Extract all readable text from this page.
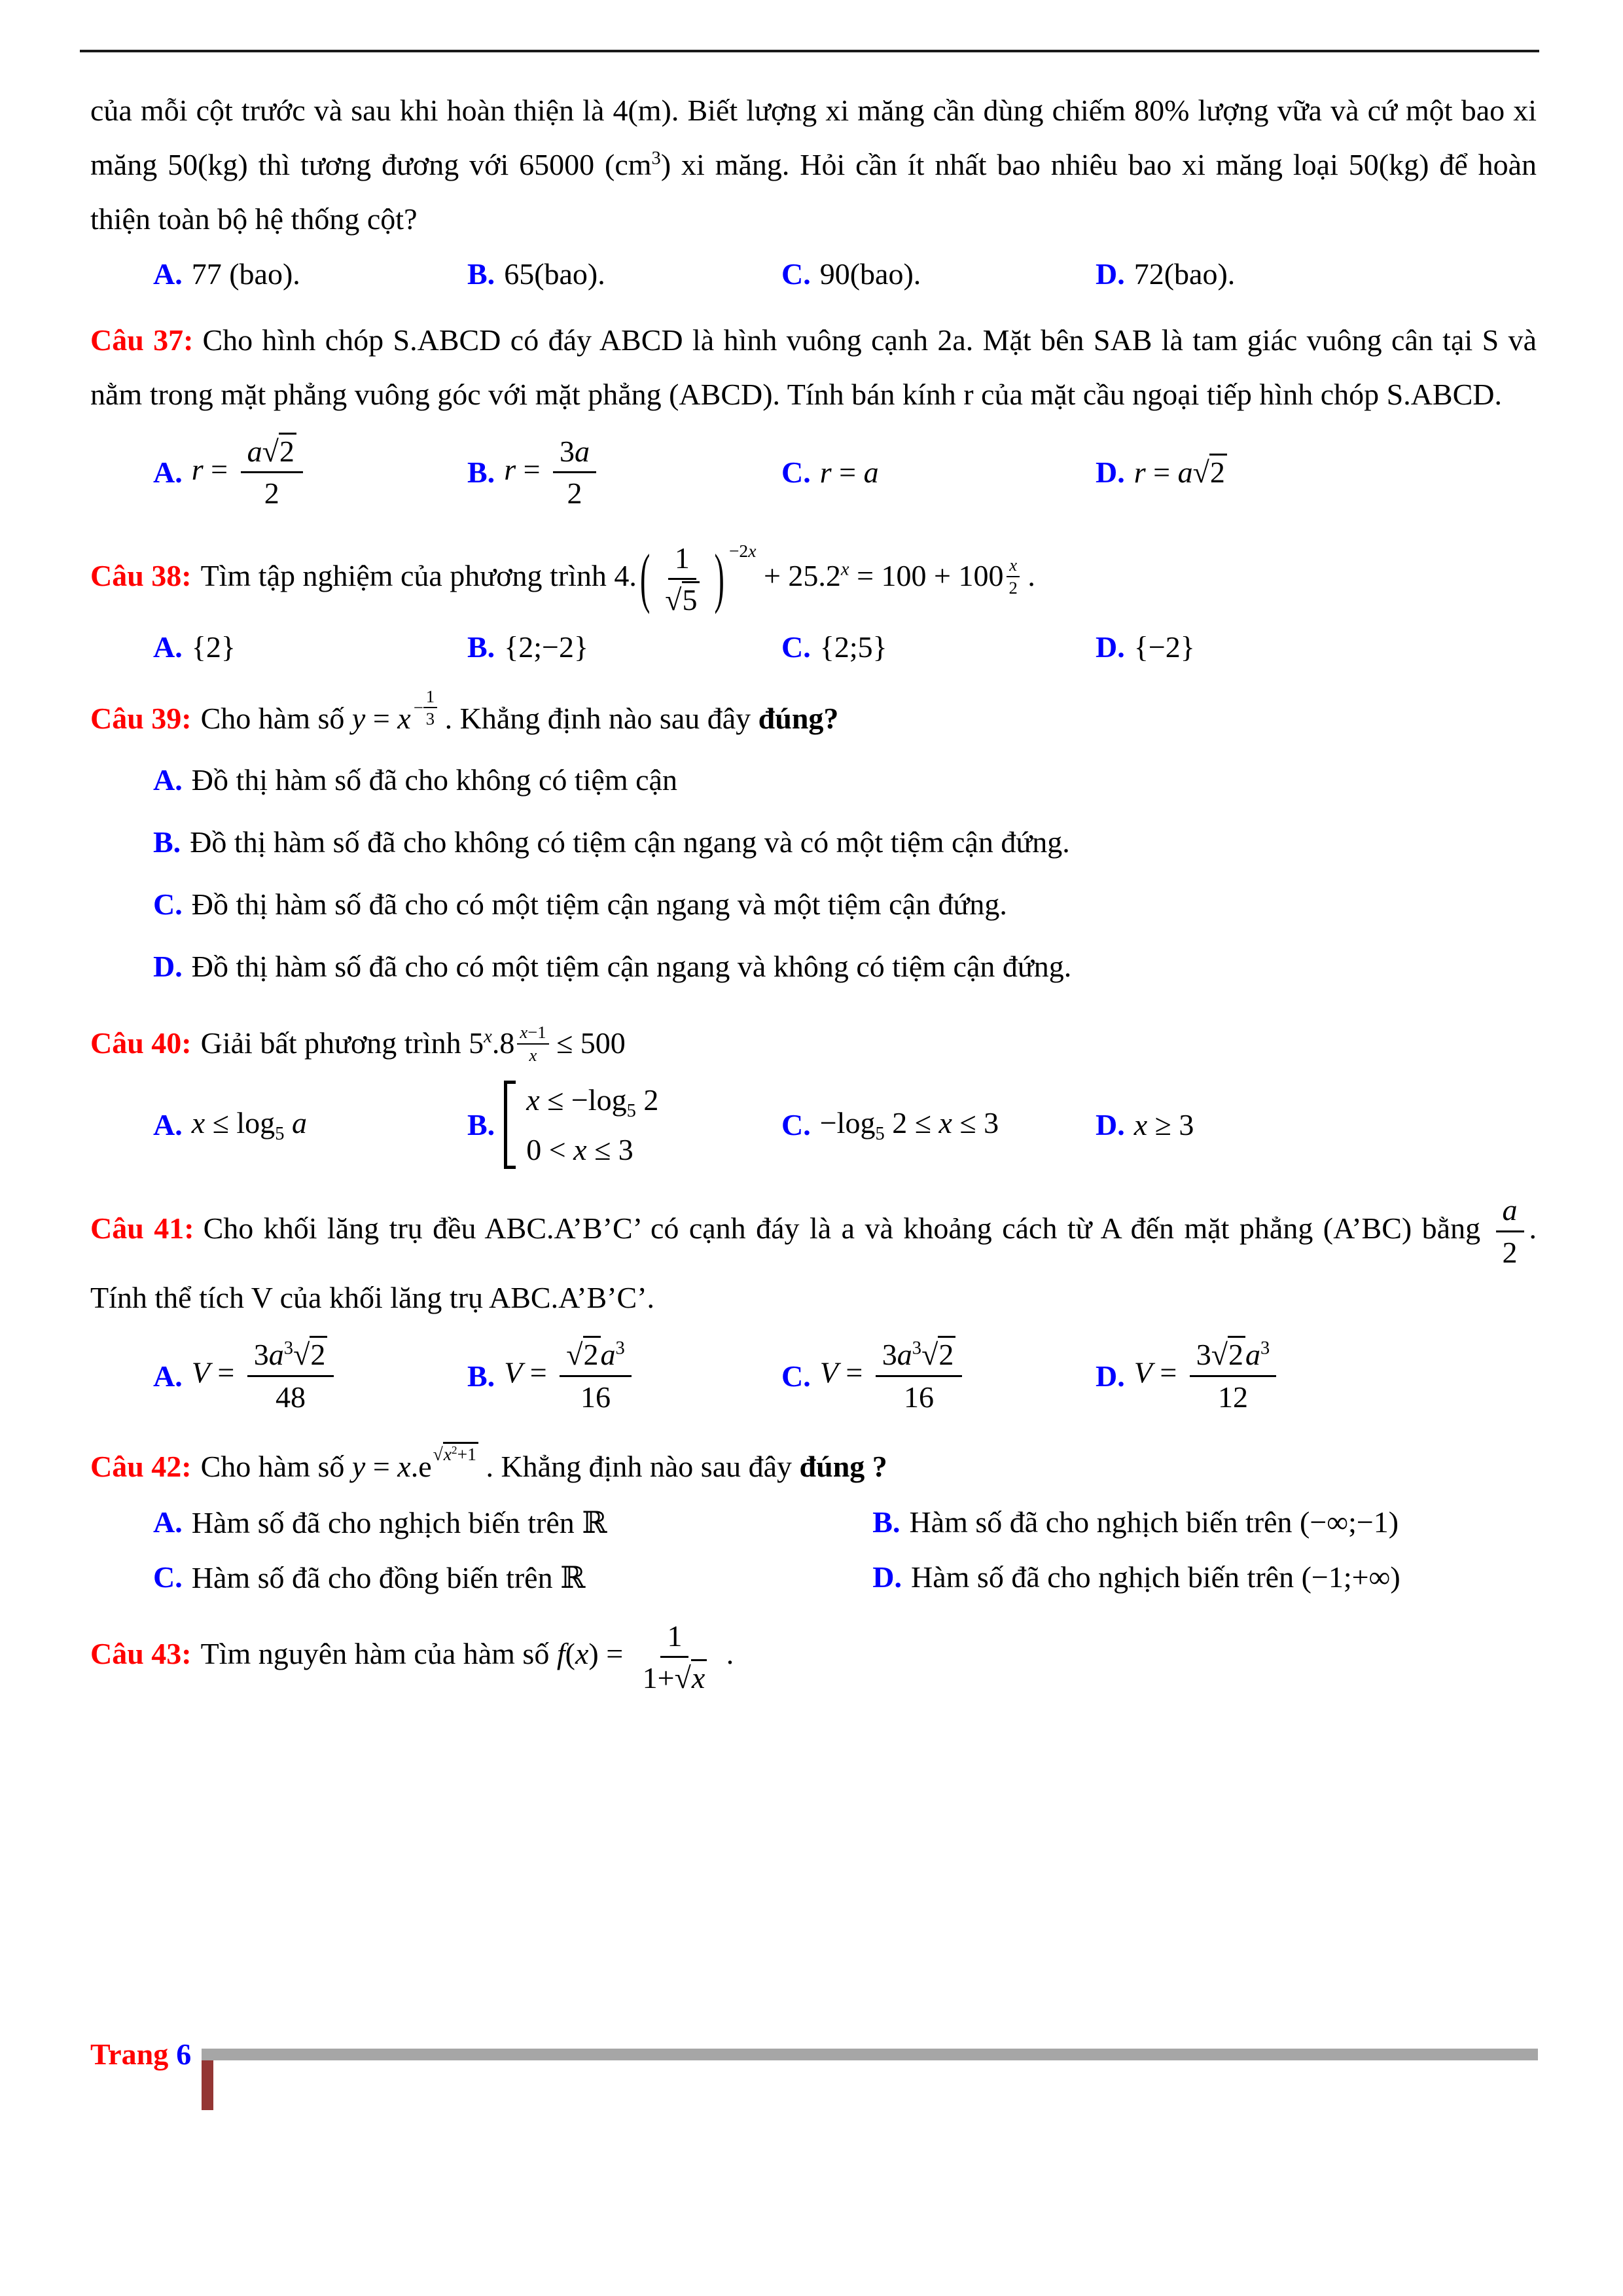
của mỗi cột trước và sau khi hoàn thiện là 4(m). Biết lượng xi măng cần dùng chiếm 80% lượng vữa và cứ một bao xi măng 50(kg) thì tương đương với 65000 $(cm^3)$ xi măng. Hỏi cần ít nhất bao nhiêu bao xi măng loại 50(kg) để hoàn thiện toàn bộ hệ thống cột?

A. 77 (bao).	B. 65(bao).	C. 90(bao).	D. 72(bao).

Câu 37: Cho hình chóp S.ABCD có đáy ABCD là hình vuông cạnh 2a. Mặt bên SAB là tam giác vuông cân tại S và nằm trong mặt phẳng vuông góc với mặt phẳng (ABCD). Tính bán kính r của mặt cầu ngoại tiếp hình chóp S.ABCD.

A. $r = \frac{a √ 2}{2}$	B. $r = \frac{3a}{2}$	C. r = a	D. r = a √ 2

Câu 38: Tìm tập nghiệm của phương trình 4. ( 1
√ 5 ) $^{-2x} + 25.2^x = 100 + 100$ x
2 .

A. {2}	B. {2;−2}	C. {2;5}	D. {−2}

Câu 39: Cho hàm số y = x −
1
3 . Khẳng định nào sau đây đúng?

A. Đồ thị hàm số đã cho không có tiệm cận
B. Đồ thị hàm số đã cho không có tiệm cận ngang và có một tiệm cận đứng.
C. Đồ thị hàm số đã cho có một tiệm cận ngang và một tiệm cận đứng.
D. Đồ thị hàm số đã cho có một tiệm cận ngang và không có tiệm cận đứng.

Câu 40: Giải bất phương trình 5$^x$.8 x−1
x ≤ 500

A. $x \le \log_5 a$	B.
$x \le -\log_5$ 2
0 < x ≤ 3
C. $-\log_5$ 2 ≤ x ≤ 3	D. x ≥ 3

Câu 41: Cho khối lăng trụ đều ABC.A’B’C’ có cạnh đáy là a và khoảng cách từ A đến mặt phẳng (A’BC) bằng $\frac{a}{2}$ . Tính thể tích V của khối lăng trụ ABC.A’B’C’.

A. $V = \frac{3a^3 √ 2}{48}$	B. V = √ $\frac{2a^3}{16}$	C. $V = \frac{3a^3 √ 2}{16}$	D. $V = \frac{3 √ 2a^3}{12}$

Câu 42: Cho hàm số y = x.e √ $^{x^2+1}$ . Khẳng định nào sau đây đúng ?

A. Hàm số đã cho nghịch biến trên ℝ	B. Hàm số đã cho nghịch biến trên (−∞;−1)
C. Hàm số đã cho đồng biến trên ℝ	D. Hàm số đã cho nghịch biến trên (−1;+∞)

Câu 43: Tìm nguyên hàm của hàm số $f(x) = \frac{1}{1+ √ x}$ .

Trang 6
